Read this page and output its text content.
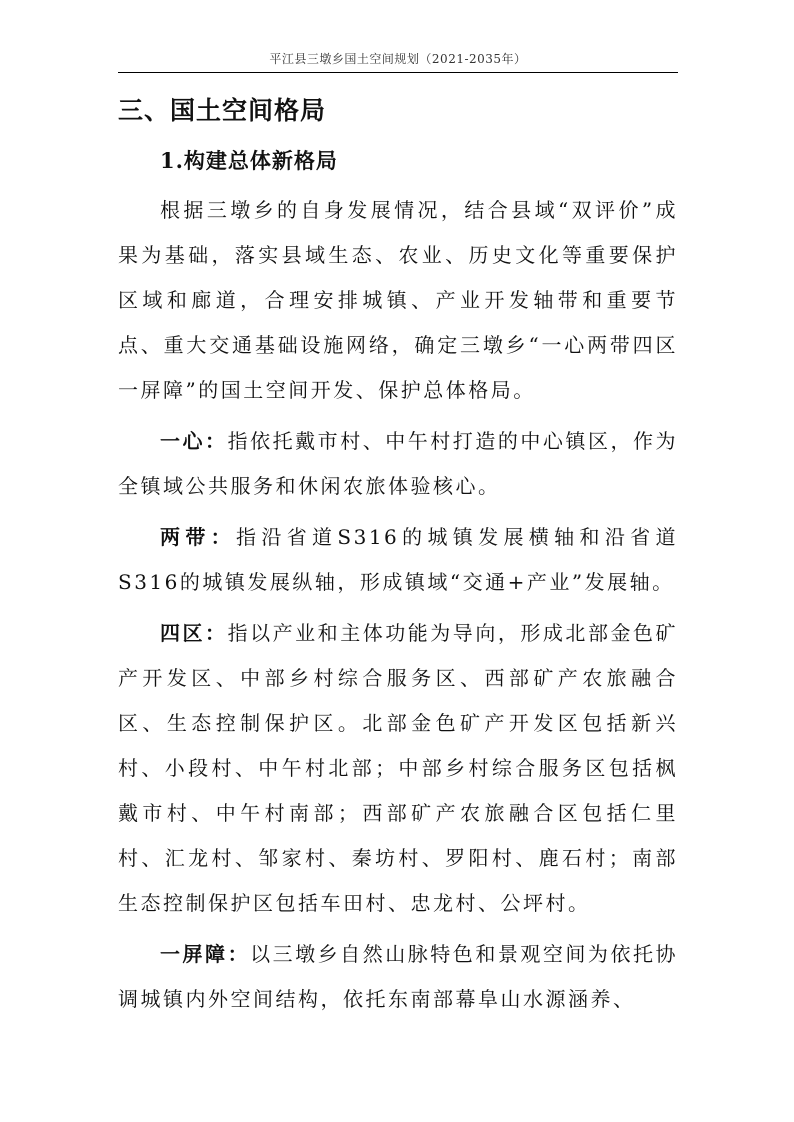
平江县三墩乡国土空间规划（2021-2035年）
三、国土空间格局
1.构建总体新格局

根据三墩乡的自身发展情况，结合县域“双评价”成果为基础，落实县域生态、农业、历史文化等重要保护区域和廊道，合理安排城镇、产业开发轴带和重要节点、重大交通基础设施网络，确定三墩乡“一心两带四区一屏障”的国土空间开发、保护总体格局。

一心：指依托戴市村、中午村打造的中心镇区，作为全镇域公共服务和休闲农旅体验核心。

两带：指沿省道S316的城镇发展横轴和沿省道S316的城镇发展纵轴，形成镇域“交通+产业”发展轴。

四区：指以产业和主体功能为导向，形成北部金色矿产开发区、中部乡村综合服务区、西部矿产农旅融合区、生态控制保护区。北部金色矿产开发区包括新兴村、小段村、中午村北部；中部乡村综合服务区包括枫戴市村、中午村南部；西部矿产农旅融合区包括仁里村、汇龙村、邹家村、秦坊村、罗阳村、鹿石村；南部生态控制保护区包括车田村、忠龙村、公坪村。

一屏障：以三墩乡自然山脉特色和景观空间为依托协调城镇内外空间结构，依托东南部幕阜山水源涵养、
